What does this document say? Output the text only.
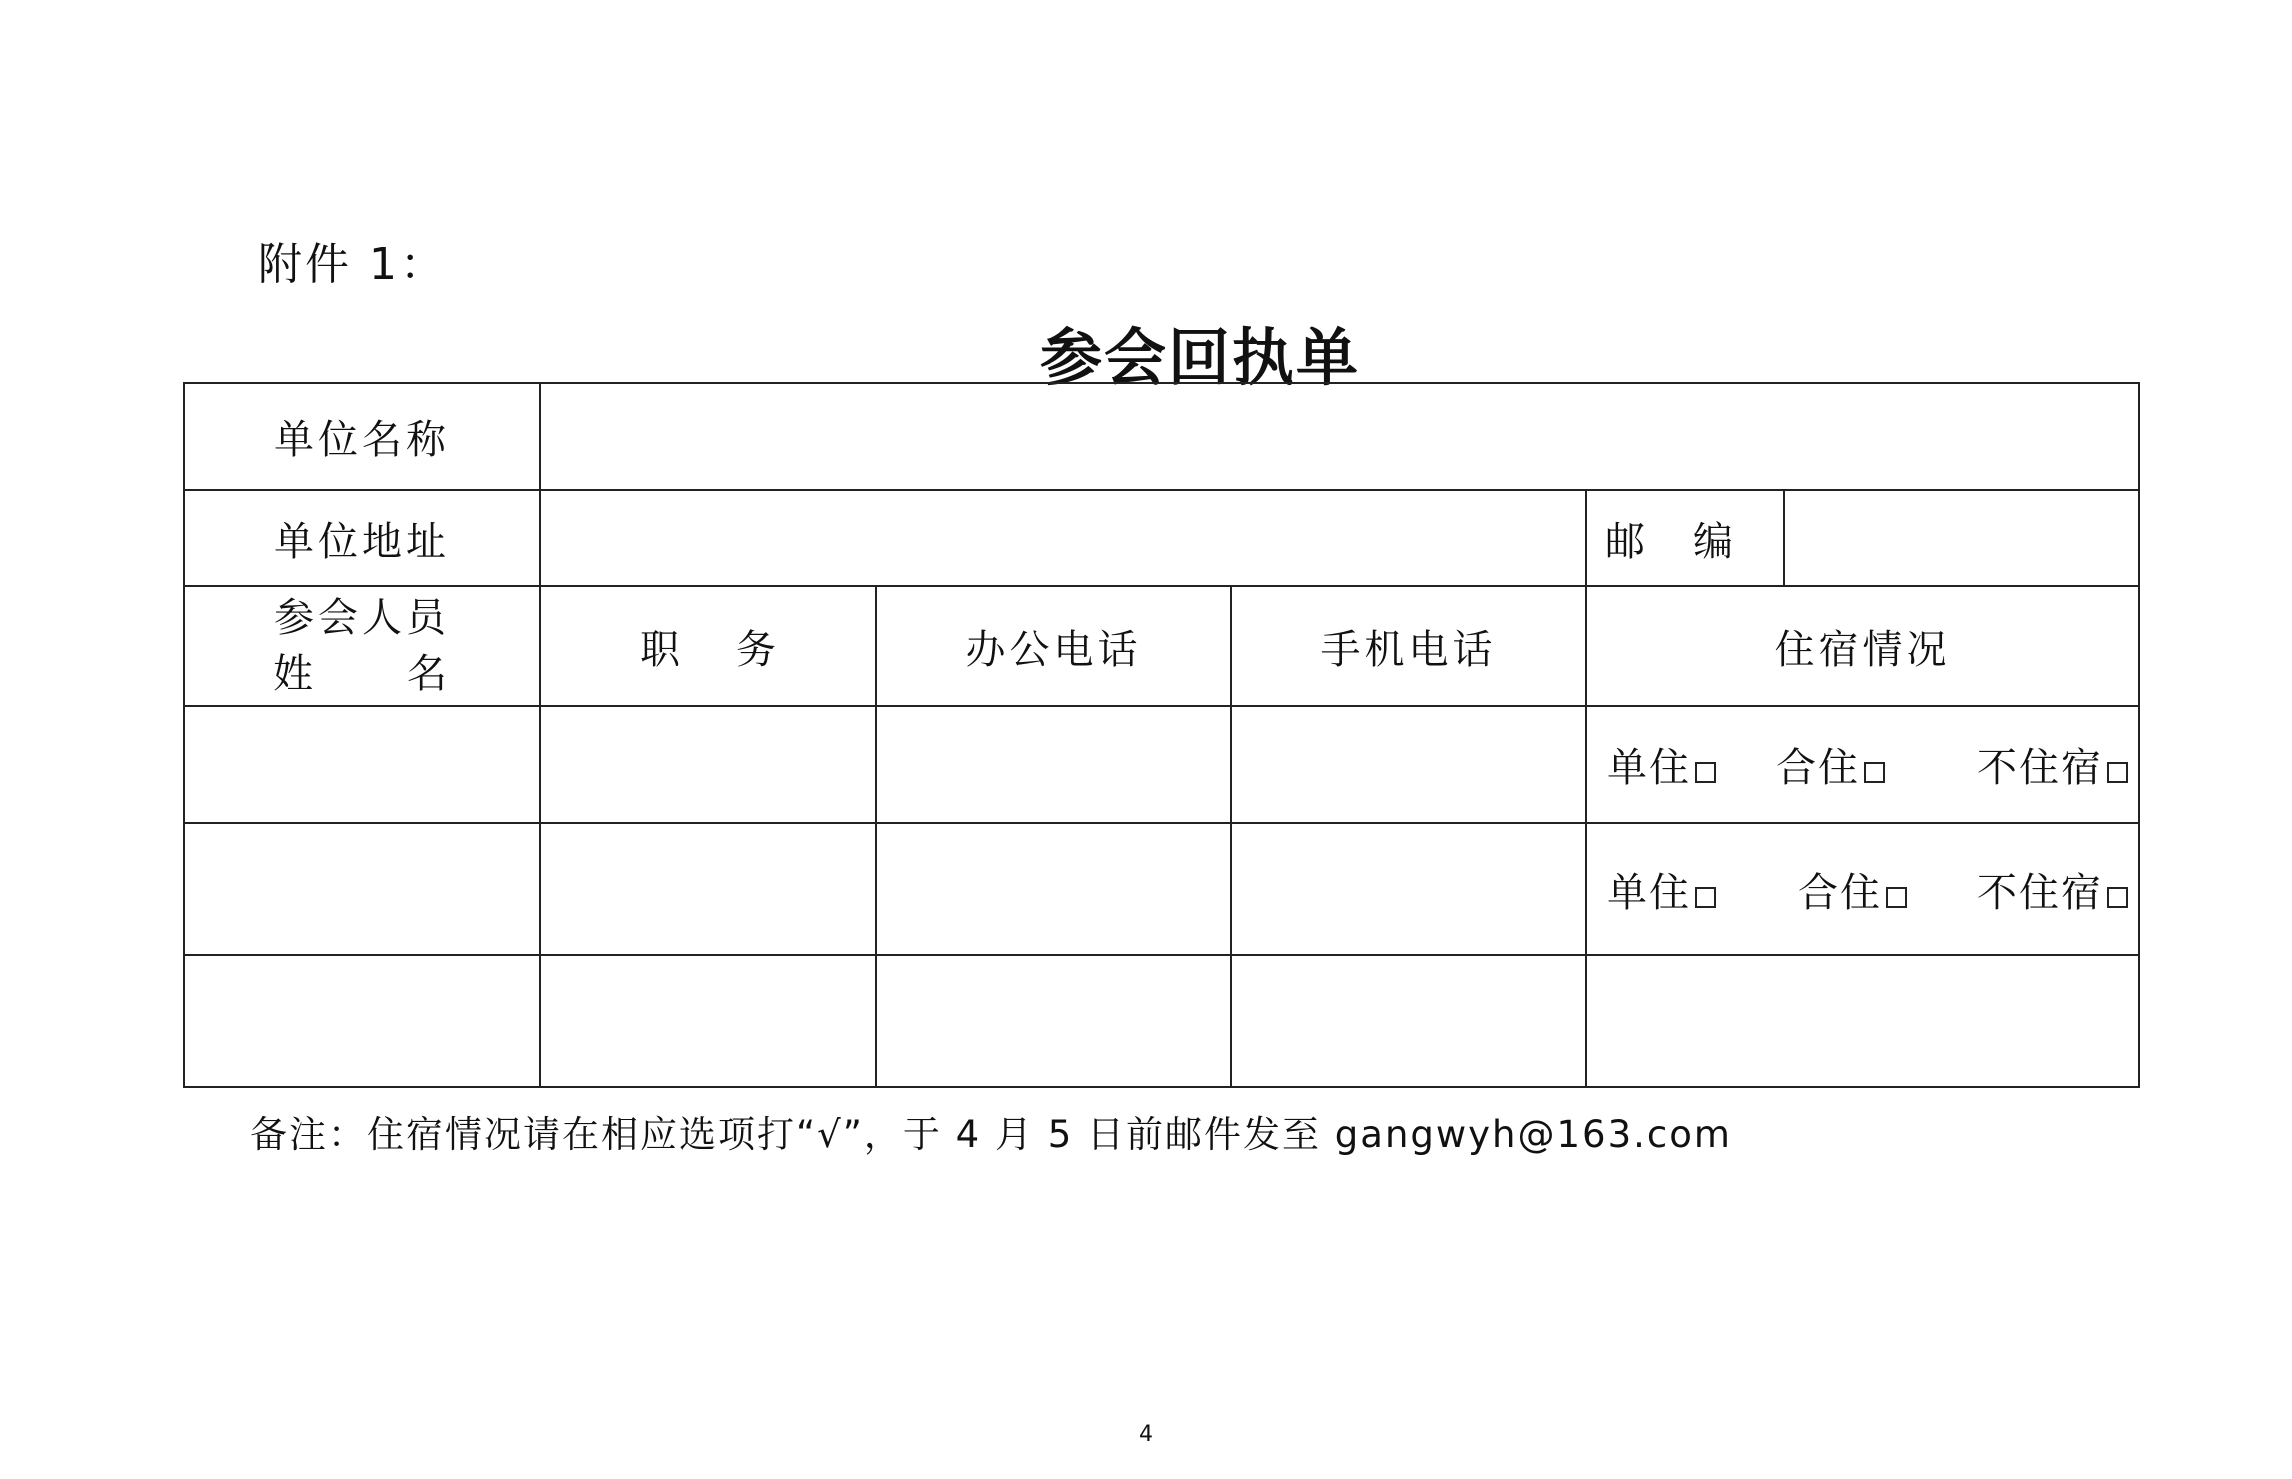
附件 1：
参会回执单
单位名称					
单位地址				邮 编	

参会人员
姓 名	职 务	办公电话	手机电话	住宿情况	
				单住 合住 不住宿	
				单住 合住 不住宿	

备注：住宿情况请在相应选项打“√”，于 4 月 5 日前邮件发至 gangwyh@163.com
4
